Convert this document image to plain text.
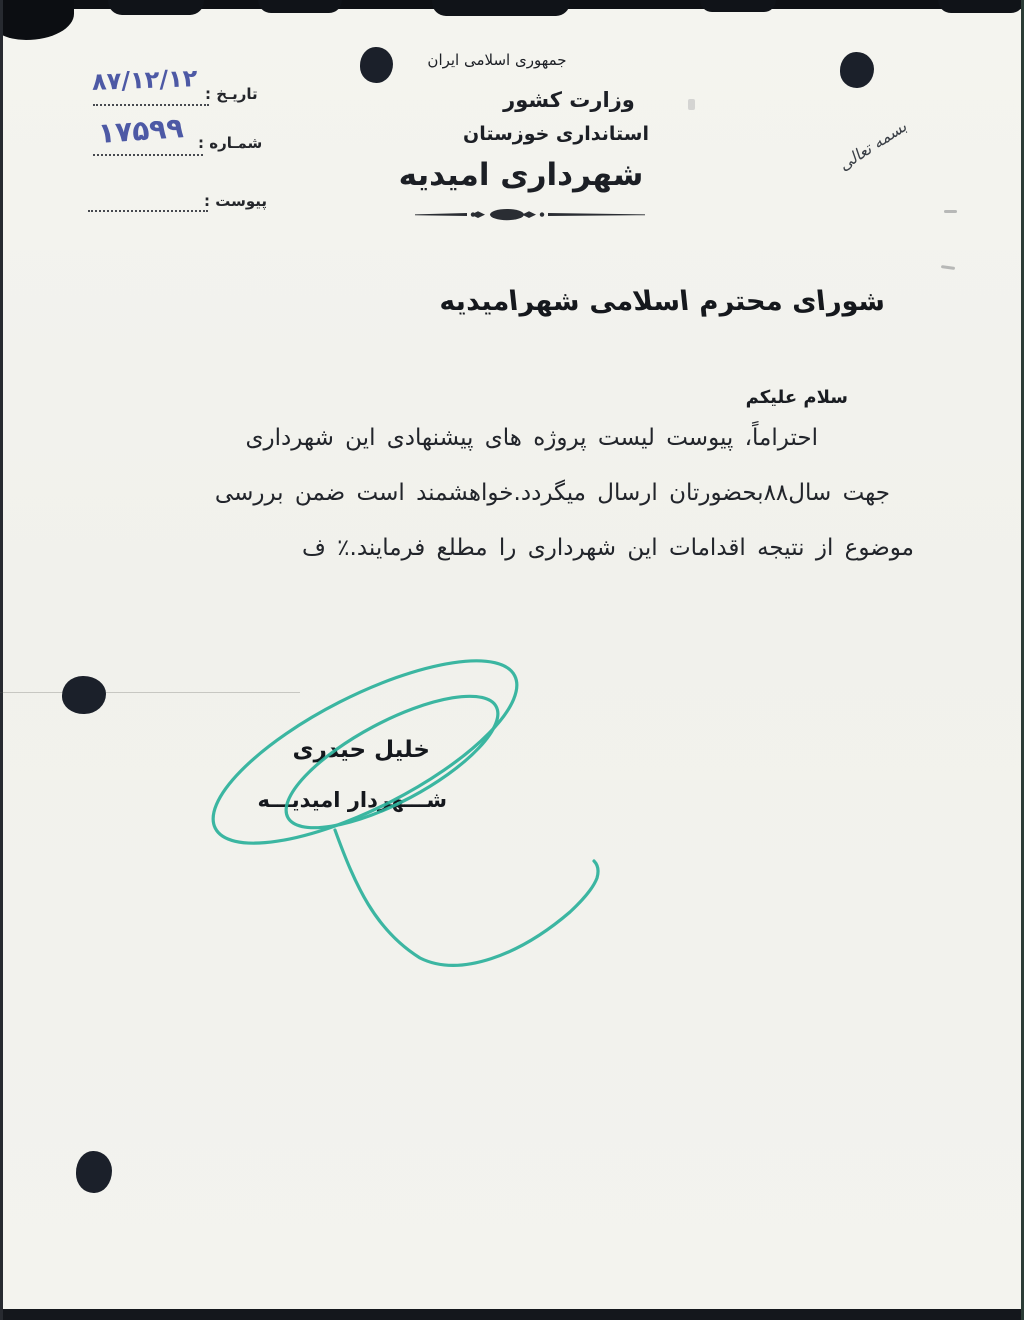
جمهوری اسلامی ایران
وزارت کشور
استانداری خوزستان
شهرداری امیدیه
بسمه تعالی
تاریـخ :
۸۷/۱۲/۱۲
شمـاره :
۱۷۵۹۹
پیوست :
شورای محترم اسلامی شهرامیدیه
سلام علیکم
احتراماً، پیوست لیست پروژه های پیشنهادی این شهرداری
جهت سال۸۸بحضورتان ارسال میگردد.خواهشمند است ضمن بررسی
موضوع از نتیجه اقدامات این شهرداری را مطلع فرمایند.٪ ف
خلیل حیدری
شـــهردار امیدیـــه
